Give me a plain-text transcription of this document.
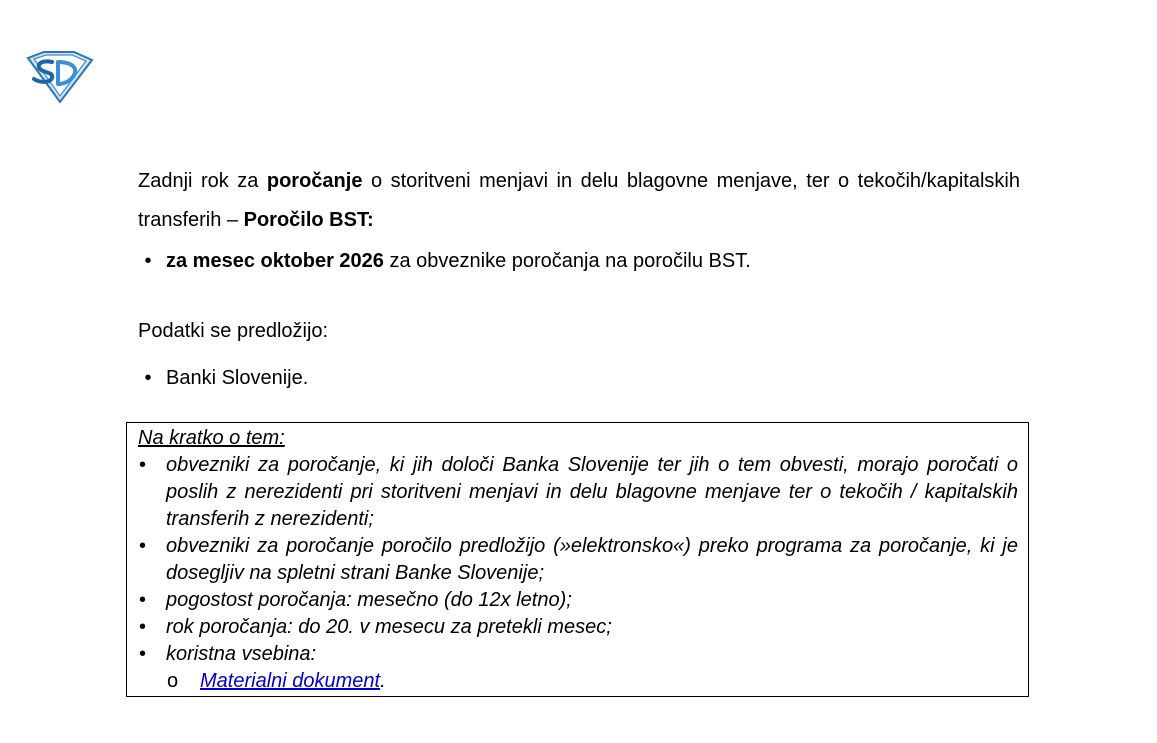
Zadnji rok za poročanje o storitveni menjavi in delu blagovne menjave, ter o tekočih/kapitalskih transferih – Poročilo BST:

• za mesec oktober 2026 za obveznike poročanja na poročilu BST.

Podatki se predložijo:

• Banki Slovenije.
Na kratko o tem:
• obvezniki za poročanje, ki jih določi Banka Slovenije ter jih o tem obvesti, morajo poročati o poslih z nerezidenti pri storitveni menjavi in delu blagovne menjave ter o tekočih / kapitalskih transferih z nerezidenti;
• obvezniki za poročanje poročilo predložijo (»elektronsko«) preko programa za poročanje, ki je dosegljiv na spletni strani Banke Slovenije;
• pogostost poročanja: mesečno (do 12x letno);
• rok poročanja: do 20. v mesecu za pretekli mesec;
• koristna vsebina:
o Materialni dokument.
